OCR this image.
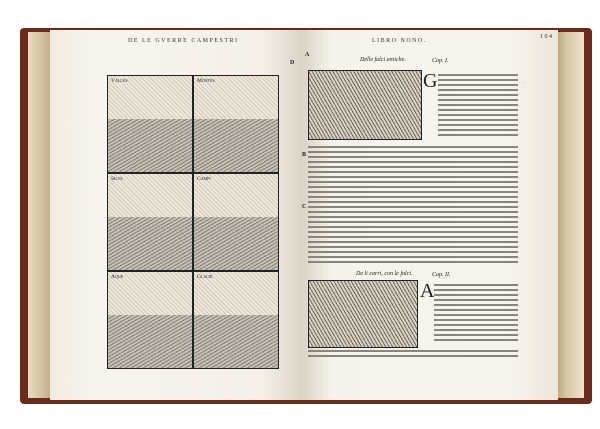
DE LE GVERRE CAMPESTRI
D
Valles	Montes
Silve	Campi
Aque	Glacie
LIBRO NONO.
104
A
B
C
Delle falci antiche.	Cap. I.
G	· ·
De li carri, con le falci.	Cap. II.
A
